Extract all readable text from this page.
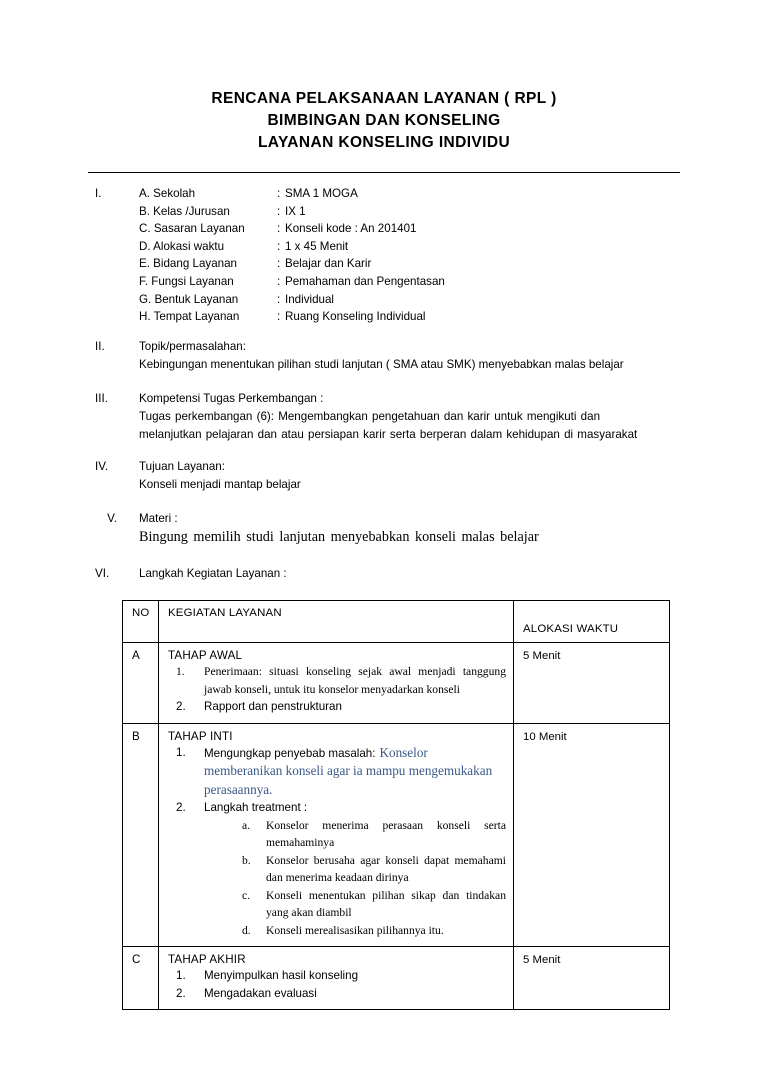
RENCANA PELAKSANAAN LAYANAN ( RPL )
BIMBINGAN DAN KONSELING
LAYANAN KONSELING INDIVIDU
I.	A. Sekolah	: SMA 1 MOGA
B. Kelas /Jurusan	: IX 1
C. Sasaran Layanan	: Konseli kode : An 201401
D. Alokasi waktu	: 1 x 45 Menit
E. Bidang Layanan	: Belajar dan Karir
F. Fungsi Layanan	: Pemahaman dan Pengentasan
G. Bentuk Layanan	: Individual
H. Tempat Layanan	: Ruang Konseling Individual
II.	Topik/permasalahan:
Kebingungan menentukan pilihan studi lanjutan ( SMA atau SMK) menyebabkan malas belajar
III.	Kompetensi Tugas Perkembangan :
Tugas perkembangan (6): Mengembangkan pengetahuan dan karir untuk mengikuti dan
melanjutkan pelajaran dan atau persiapan karir serta berperan dalam kehidupan di masyarakat
IV.	Tujuan Layanan:
Konseli menjadi mantap belajar
V. Materi :
Bingung memilih studi lanjutan menyebabkan konseli malas belajar
VI.	Langkah Kegiatan Layanan :
NO	KEGIATAN LAYANAN	ALOKASI WAKTU

A	TAHAP AWAL
1.	Penerimaan: situasi konseling sejak awal menjadi tanggung jawab konseli, untuk itu konselor menyadarkan konseli
2.	Rapport dan penstrukturan

5 Menit

B	TAHAP INTI
1.	Mengungkap penyebab masalah: Konselor memberanikan konseli agar ia mampu mengemukakan perasaannya.
2.	Langkah treatment :
a.	Konselor menerima perasaan konseli serta memahaminya
b.	Konselor berusaha agar konseli dapat memahami dan menerima keadaan dirinya
c.	Konseli menentukan pilihan sikap dan tindakan yang akan diambil
d.	Konseli merealisasikan pilihannya itu.

10 Menit

C	TAHAP AKHIR
1.	Menyimpulkan hasil konseling
2.	Mengadakan evaluasi

5 Menit
